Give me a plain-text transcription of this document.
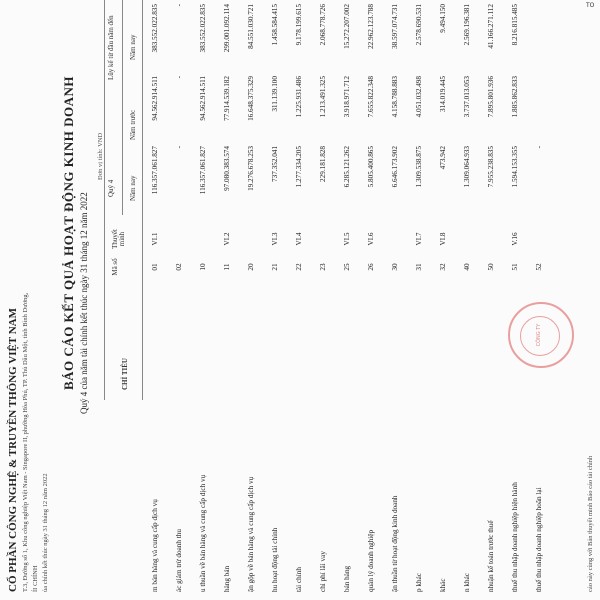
TO
CỔ PHẦN CÔNG NGHỆ & TRUYỀN THÔNG VIỆT NAM T.3, Đường số 1, Khu công nghiệp Việt Nam - Singapore II, phường Hòa Phú, TP. Thủ Dầu Một, tỉnh Bình Dương, ÍI CHÍNH ủa chính kết thúc ngày 31 tháng 12 năm 2022
BÁO CÁO KẾT QUẢ HOẠT ĐỘNG KINH DOANH Quý 4 của năm tài chính kết thúc ngày 31 tháng 12 năm 2022
Đơn vị tính: VND
CHỈ TIÊU
Mã số
Thuyết minh
Quý 4 Năm nay
Năm trước
Lũy kế từ đầu năm đến Năm nay
m bán hàng và cung cấp dịch vụ
01
VI.1
116.357.061.827
94.562.914.511
383.552.022.835
ác giảm trừ doanh thu
02
-
-
-
u thuần về bán hàng và cung cấp dịch vụ
10
116.357.061.827
94.562.914.511
383.552.022.835
hàng bán
11
VI.2
97.080.383.574
77.914.539.182
299.001.092.114
ận gộp về bán hàng và cung cấp dịch vụ
20
19.276.678.253
16.648.375.329
84.551.030.721
hu hoạt động tài chính
21
VI.3
737.352.041
311.139.100
1.458.584.415
tài chính
22
VI.4
1.277.334.205
1.225.931.486
9.178.199.615
chi phí lãi vay
23
229.181.828
1.213.491.325
2.068.778.726
bán hàng
25
VI.5
6.285.121.262
3.918.971.712
15.272.207.002
quản lý doanh nghiệp
26
VI.6
5.805.400.865
7.655.822.348
22.962.123.788
ận thuần từ hoạt động kinh doanh
30
6.646.173.902
4.158.788.883
38.597.074.731
p khác
31
VI.7
1.309.538.875
4.051.032.498
2.578.690.531
khác
32
VI.8
473.942
314.019.445
9.494.150
n khác
40
1.309.064.933
3.737.013.053
2.569.196.381
nhuận kế toán trước thuế
50
7.955.238.835
7.895.801.936
41.166.271.112
thuế thu nhập doanh nghiệp hiện hành
51
V.16
1.594.153.355
1.885.862.833
8.216.815.485
thuế thu nhập doanh nghiệp hoãn lại
52
-
cáo này cùng với Bản thuyết minh Báo cáo tài chính
CÔNG TY
